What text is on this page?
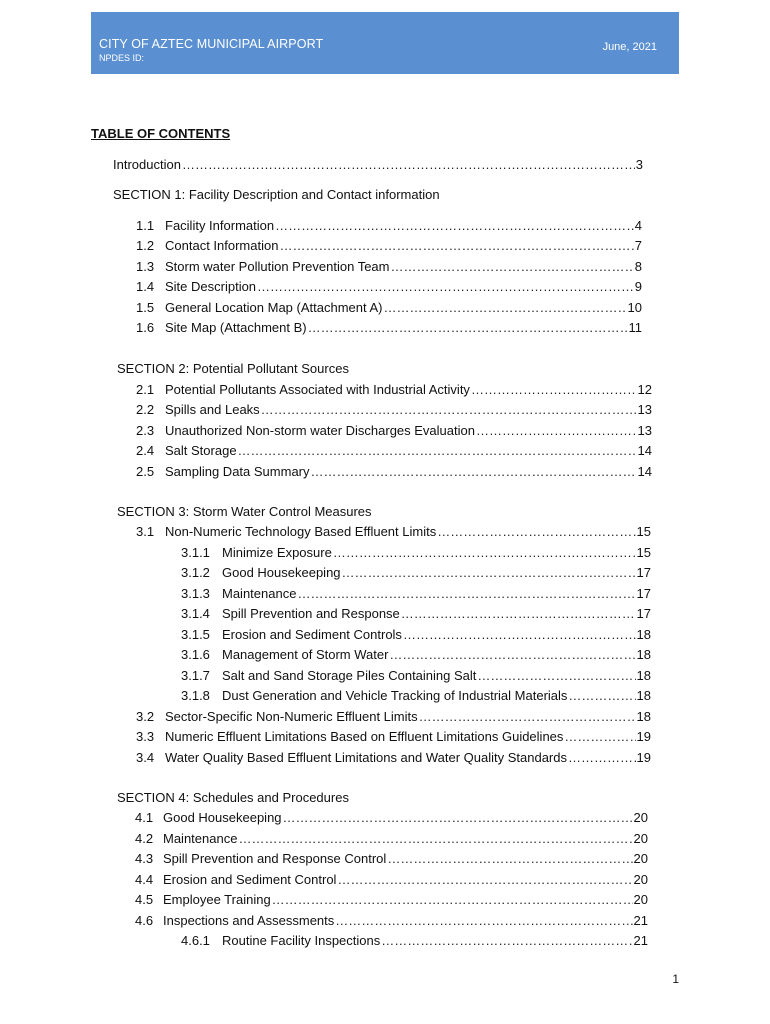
CITY OF AZTEC MUNICIPAL AIRPORT
NPDES ID:
June, 2021
TABLE OF CONTENTS
Introduction ……………………………………………………………………………………………………………………………………………………………………………………………………………………	3
SECTION 1: Facility Description and Contact information
1.1 Facility Information ……………………………………………………………………………………………………………………………………………………………………………………………………………………	4
1.2 Contact Information ……………………………………………………………………………………………………………………………………………………………………………………………………………………	7
1.3 Storm water Pollution Prevention Team ……………………………………………………………………………………………………………………………………………………………………………………………………………………	8
1.4 Site Description ……………………………………………………………………………………………………………………………………………………………………………………………………………………	9
1.5 General Location Map (Attachment A) ……………………………………………………………………………………………………………………………………………………………………………………………………………………	10
1.6 Site Map (Attachment B) ……………………………………………………………………………………………………………………………………………………………………………………………………………………	11
SECTION 2: Potential Pollutant Sources
2.1 Potential Pollutants Associated with Industrial Activity ……………………………………………………………………………………………………………………………………………………………………………………………………………………	12
2.2 Spills and Leaks ……………………………………………………………………………………………………………………………………………………………………………………………………………………	13
2.3 Unauthorized Non-storm water Discharges Evaluation ……………………………………………………………………………………………………………………………………………………………………………………………………………………	13
2.4 Salt Storage ……………………………………………………………………………………………………………………………………………………………………………………………………………………	14
2.5 Sampling Data Summary ……………………………………………………………………………………………………………………………………………………………………………………………………………………	14
SECTION 3: Storm Water Control Measures
3.1 Non-Numeric Technology Based Effluent Limits ……………………………………………………………………………………………………………………………………………………………………………………………………………………	15
3.1.1 Minimize Exposure ……………………………………………………………………………………………………………………………………………………………………………………………………………………	15
3.1.2 Good Housekeeping ……………………………………………………………………………………………………………………………………………………………………………………………………………………	17
3.1.3 Maintenance ……………………………………………………………………………………………………………………………………………………………………………………………………………………	17
3.1.4 Spill Prevention and Response ……………………………………………………………………………………………………………………………………………………………………………………………………………………	17
3.1.5 Erosion and Sediment Controls ……………………………………………………………………………………………………………………………………………………………………………………………………………………	18
3.1.6 Management of Storm Water ……………………………………………………………………………………………………………………………………………………………………………………………………………………	18
3.1.7 Salt and Sand Storage Piles Containing Salt ……………………………………………………………………………………………………………………………………………………………………………………………………………………	18
3.1.8 Dust Generation and Vehicle Tracking of Industrial Materials ……………………………………………………………………………………………………………………………………………………………………………………………………………………	18
3.2 Sector-Specific Non-Numeric Effluent Limits ……………………………………………………………………………………………………………………………………………………………………………………………………………………	18
3.3 Numeric Effluent Limitations Based on Effluent Limitations Guidelines ……………………………………………………………………………………………………………………………………………………………………………………………………………………	19
3.4 Water Quality Based Effluent Limitations and Water Quality Standards ……………………………………………………………………………………………………………………………………………………………………………………………………………………	19
SECTION 4: Schedules and Procedures
4.1 Good Housekeeping ……………………………………………………………………………………………………………………………………………………………………………………………………………………	20
4.2 Maintenance ……………………………………………………………………………………………………………………………………………………………………………………………………………………	20
4.3 Spill Prevention and Response Control ……………………………………………………………………………………………………………………………………………………………………………………………………………………	20
4.4 Erosion and Sediment Control ……………………………………………………………………………………………………………………………………………………………………………………………………………………	20
4.5 Employee Training ……………………………………………………………………………………………………………………………………………………………………………………………………………………	20
4.6 Inspections and Assessments ……………………………………………………………………………………………………………………………………………………………………………………………………………………	21
4.6.1 Routine Facility Inspections ……………………………………………………………………………………………………………………………………………………………………………………………………………………	21
1
